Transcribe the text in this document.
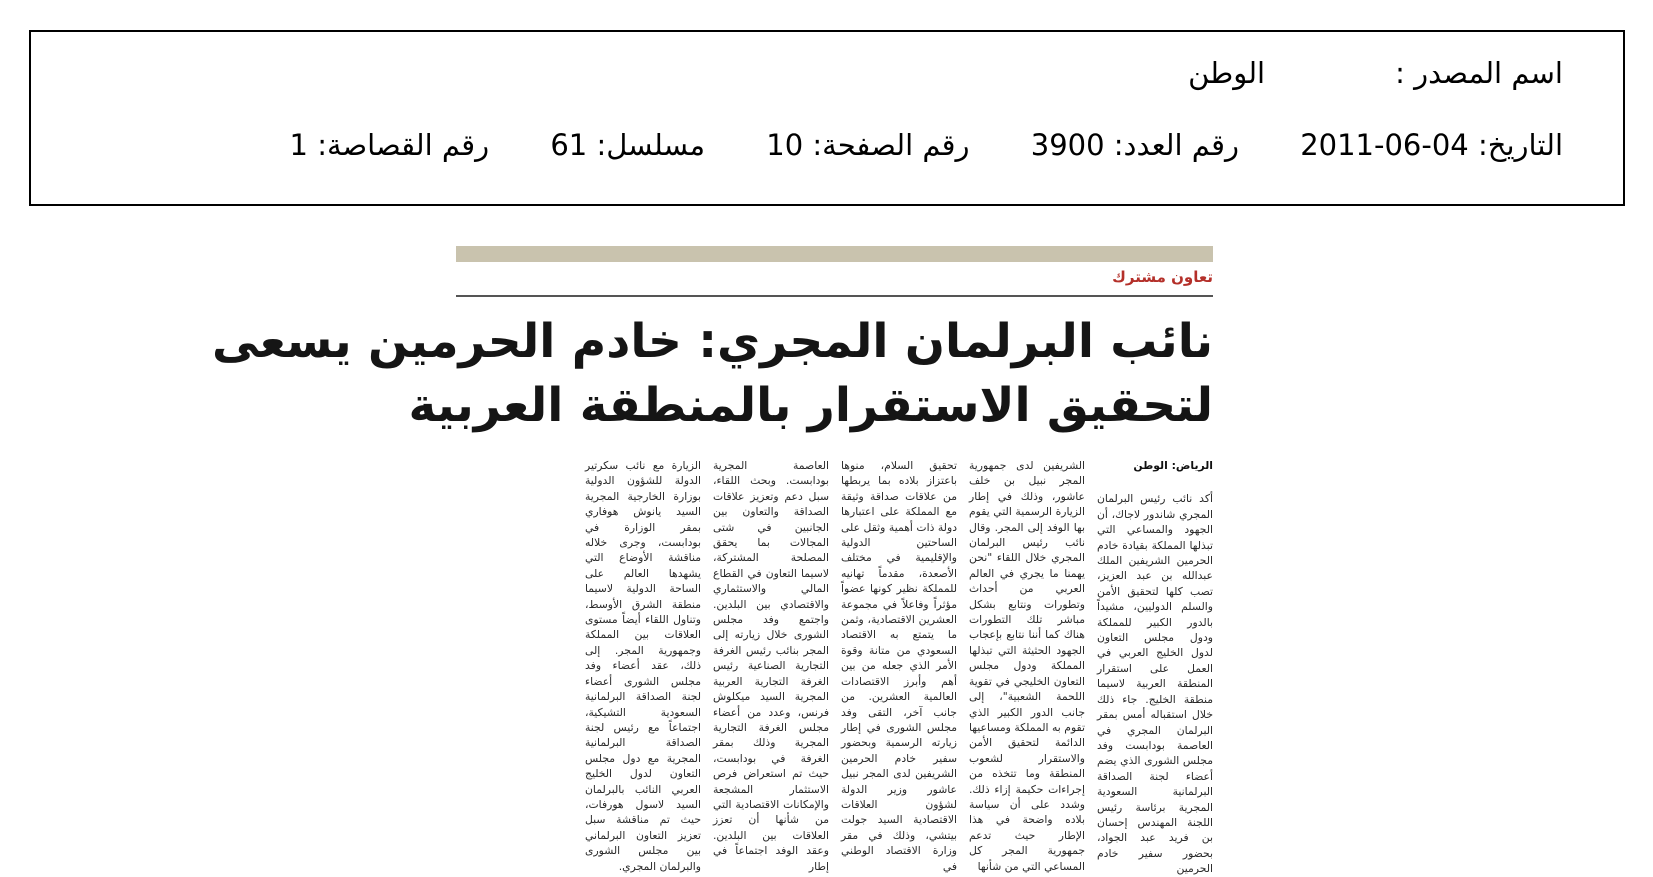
اسم المصدر :الوطن
التاريخ: 2011-06-04 رقم العدد: 3900 رقم الصفحة: 10 مسلسل: 61 رقم القصاصة: 1
تعاون مشترك
نائب البرلمان المجري: خادم الحرمين يسعى
لتحقيق الاستقرار بالمنطقة العربية
الرياض: الوطن

أكد نائب رئيس البرلمان المجري شاندور لاجاك، أن الجهود والمساعي التي تبذلها المملكة بقيادة خادم الحرمين الشريفين الملك عبدالله بن عبد العزيز، تصب كلها لتحقيق الأمن والسلم الدوليين، مشيداً بالدور الكبير للمملكة ودول مجلس التعاون لدول الخليج العربي في العمل على استقرار المنطقة العربية لاسيما منطقة الخليج. جاء ذلك خلال استقباله أمس بمقر البرلمان المجري في العاصمة بودابست وفد مجلس الشورى الذي يضم أعضاء لجنة الصداقة البرلمانية السعودية المجرية برئاسة رئيس اللجنة المهندس إحسان بن فريد عبد الجواد، بحضور سفير خادم الحرمين

الشريفين لدى جمهورية المجر نبيل بن خلف عاشور، وذلك في إطار الزيارة الرسمية التي يقوم بها الوفد إلى المجر. وقال نائب رئيس البرلمان المجري خلال اللقاء "نحن يهمنا ما يجري في العالم العربي من أحداث وتطورات ونتابع بشكل مباشر تلك التطورات هناك كما أننا نتابع بإعجاب الجهود الحثيثة التي تبذلها المملكة ودول مجلس التعاون الخليجي في تقوية اللحمة الشعبية"، إلى جانب الدور الكبير الذي تقوم به المملكة ومساعيها الدائمة لتحقيق الأمن والاستقرار لشعوب المنطقة وما تتخذه من إجراءات حكيمة إزاء ذلك. وشدد على أن سياسة بلاده واضحة في هذا الإطار حيث تدعم جمهورية المجر كل المساعي التي من شأنها

تحقيق السلام، منوها باعتزاز بلاده بما يربطها من علاقات صداقة وثيقة مع المملكة على اعتبارها دولة ذات أهمية وثقل على الساحتين الدولية والإقليمية في مختلف الأصعدة، مقدماً تهانيه للمملكة نظير كونها عضواً مؤثراً وفاعلاً في مجموعة العشرين الاقتصادية، وثمن ما يتمتع به الاقتصاد السعودي من متانة وقوة الأمر الذي جعله من بين أهم وأبرز الاقتصادات العالمية العشرين. من جانب آخر، التقى وفد مجلس الشورى في إطار زيارته الرسمية وبحضور سفير خادم الحرمين الشريفين لدى المجر نبيل عاشور وزير الدولة لشؤون العلاقات الاقتصادية السيد جولت بيتشي، وذلك في مقر وزارة الاقتصاد الوطني في

العاصمة المجرية بودابست. وبحث اللقاء، سبل دعم وتعزيز علاقات الصداقة والتعاون بين الجانبين في شتى المجالات بما يحقق المصلحة المشتركة، لاسيما التعاون في القطاع المالي والاستثماري والاقتصادي بين البلدين. واجتمع وفد مجلس الشورى خلال زيارته إلى المجر بنائب رئيس الغرفة التجارية الصناعية رئيس الغرفة التجارية العربية المجرية السيد ميكلوش فرنس، وعدد من أعضاء مجلس الغرفة التجارية المجرية وذلك بمقر الغرفة في بودابست، حيث تم استعراض فرص الاستثمار المشجعة والإمكانات الاقتصادية التي من شأنها أن تعزز العلاقات بين البلدين. وعقد الوفد اجتماعاً في إطار

الزيارة مع نائب سكرتير الدولة للشؤون الدولية بوزارة الخارجية المجرية السيد يانوش هوفاري بمقر الوزارة في بودابست، وجرى خلاله مناقشة الأوضاع التي يشهدها العالم على الساحة الدولية لاسيما منطقة الشرق الأوسط، وتناول اللقاء أيضاً مستوى العلاقات بين المملكة وجمهورية المجر. إلى ذلك، عقد أعضاء وفد مجلس الشورى أعضاء لجنة الصداقة البرلمانية السعودية التشيكية، اجتماعاً مع رئيس لجنة الصداقة البرلمانية المجرية مع دول مجلس التعاون لدول الخليج العربي النائب بالبرلمان السيد لاسول هورفات، حيث تم مناقشة سبل تعزيز التعاون البرلماني بين مجلس الشورى والبرلمان المجري.
